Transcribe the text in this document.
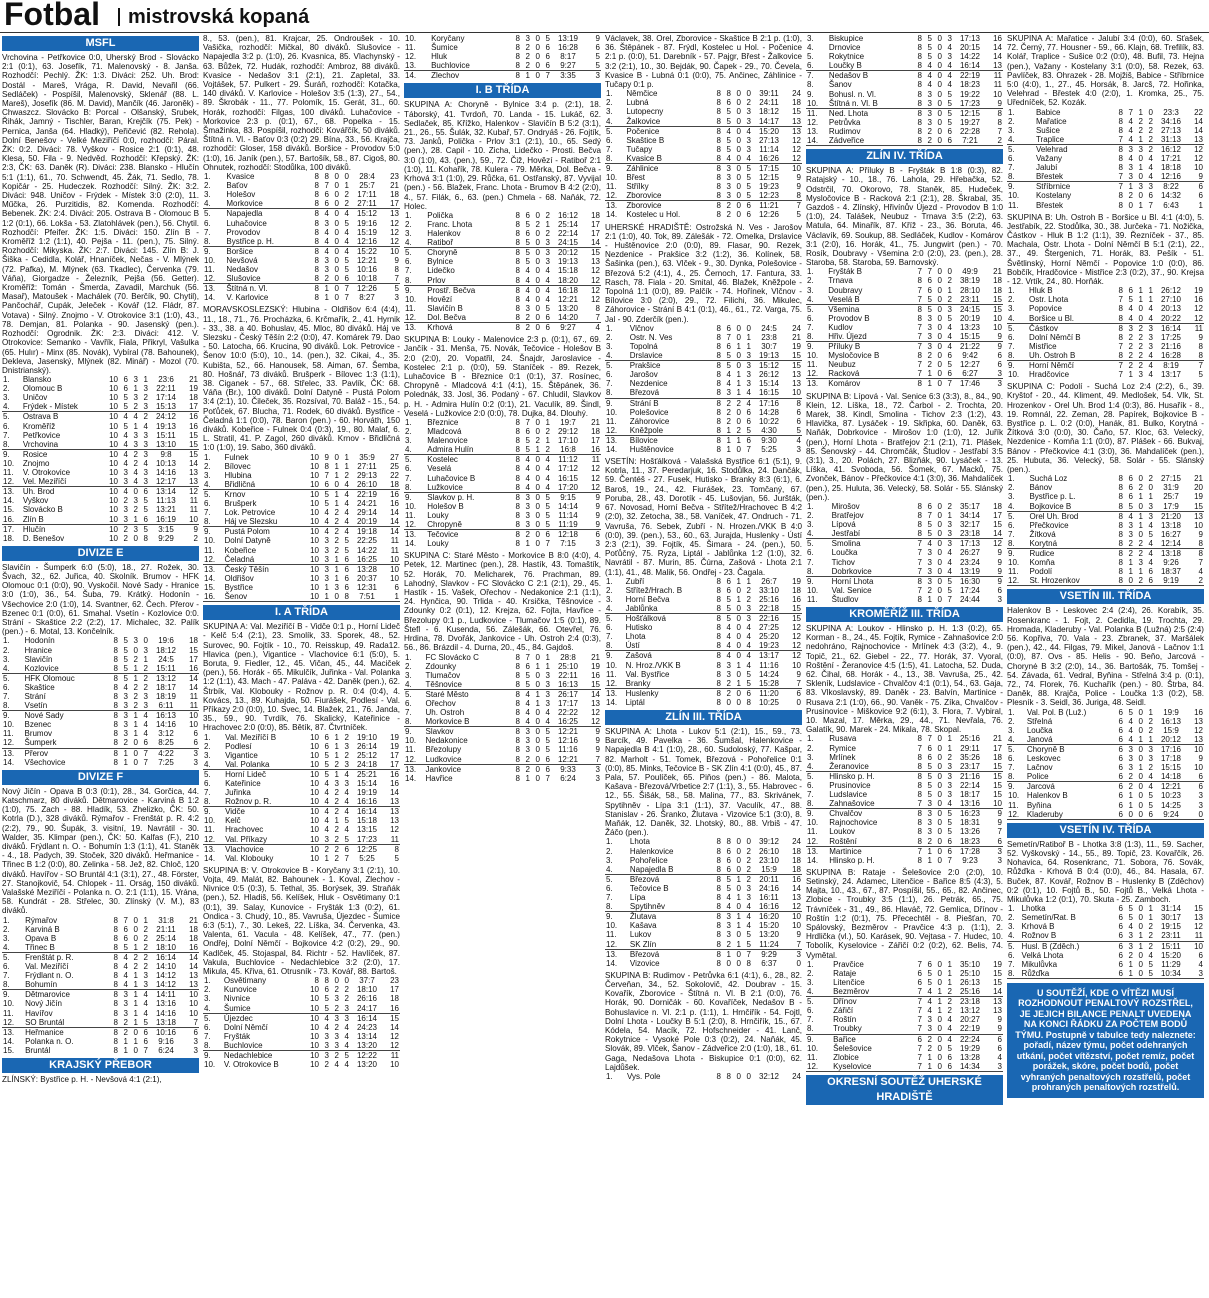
Fotbal mistrovská kopaná
MSFL
Vrchovina - Petřkovice 0:0, Uherský Brod - Slovácko 2:1 (0:1), 63. Josefík, 71. Malenovský - 8. Janša. Rozhodčí: Pechlý. ŽK: 1:3. Diváci: 252. Uh. Brod: Dostál - Mareš, Vrága, R. David, Nevařil (66. Sedláček) - Pospíšil, Malenovský, Sklenář (88. L. Mareš), Josefík (86. M. David), Mančík (46. Jaroněk) - Chwaszcz. Slovácko B: Porcal - Olšanský, Srubek, Řihák, Jamný - Tischler, Baran, Krejčík (75. Pek) - Pernica, Janša (64. Hladký), Peřičević (82. Rehola). Dolní Benešov - Velké Meziříčí 0:0, rozhodčí: Páral. ŽK: 0:2. Diváci: 78. Vyškov - Rosice 2:1 (0:1), 48. Klesa, 50. Fila - 9. Nedvěd. Rozhodčí: Křepský. ŽK: 2:3, ČK: 63. Daněk (R). Diváci: 238. Blansko - Hlučín 5:1 (1:1), 61., 70. Schwendt, 45. Žák, 71. Sedlo, 78. Kopičár - 25. Hudeczek. Rozhodčí: Silný. ŽK: 3:2. Diváci: 948. Uničov - Frýdek - Místek 3:0 (2:0), 11. Műčka, 26. Purzitidis, 82. Komenda. Rozhodčí: Bebenek. ŽK: 2:4. Diváci: 205. Ostrava B - Olomouc B 1:2 (0:1), 66. Lokša - 53. Zlatohlávek (pen.), 56. Chytil. Rozhodčí: Pfeifer. ŽK: 1:5. Diváci: 150. Zlín B - Kroměříž 1:2 (1:1), 40. Pejša - 11. (pen.), 75. Silný. Rozhodčí: Mikyska. ŽK: 2:7. Diváci: 145. Zlín B: J. Šiška - Cedidla, Kolář, Hnaníček, Nečas - V. Mlýnek (72. Pafka), M. Mlýnek (63. Tkadlec), Červenka (79. Váňa), Giorgadze - Železník, Pejša (56. Getter). Kroměříž: Tomán - Šmerda, Zavadil, Marchuk (56. Masař), Matoušek - Machálek (70. Berčík, 90. Chytil), Pančochář, Cupák, Jeleček - Kovář (12. Fládr, 87. Votava) - Silný. Znojmo - V. Otrokovice 3:1 (1:0), 43., 78. Demjan, 81. Polanka - 90. Jasenský (pen.). Rozhodčí: Ogrodnik. ŽK: 2:3. Diváci: 412. V. Otrokovice: Semanko - Vavřík, Fiala, Přikryl, Vašulka (65. Hulır) - Minx (85. Novák), Vybíral (78. Bahounek), Dekleva, Jasenský, Mlýnek (82. Minář) - Mozol (70. Dnistrianský).
1.	Blansko	10	6	3	1	23:6	21
2.	Olomouc B	10	6	1	3	22:11	19
3.	Uničov	10	5	3	2	17:14	18
4.	Frýdek - Místek	10	5	2	3	15:13	17
5.	Ostrava B	10	4	4	2	24:12	16
6.	Kroměříž	10	5	1	4	19:13	16
7.	Petřkovice	10	4	3	3	15:11	15
8.	Vrchovina	10	4	3	3	13:10	15
9.	Rosice	10	4	2	3	9:8	15
10.	Znojmo	10	4	2	4	10:13	14
11.	V. Otrokovice	10	3	4	3	14:16	13
12.	Vel. Meziříčí	10	3	4	3	12:17	13
13.	Uh. Brod	10	4	0	6	13:14	12
14.	Vyškov	10	2	3	5	11:13	11
15.	Slovácko B	10	3	2	5	13:21	11
16.	Zlín B	10	3	1	6	16:19	10
17.	Hlučín	10	2	3	5	3:15	9
18.	D. Benešov	10	2	0	8	9:29	2
DIVIZE E
Slavičín - Šumperk 6:0 (5:0), 18., 27. Rožek, 30. Švach, 32., 62. Juřica, 40. Skolník. Brumov - HFK Olomouc 0:1 (0:0), 90. Vyskočil. Nové Sady - Hranice 3:0 (1:0), 36., 54. Šuba, 79. Krátký. Hodonín - Všechovice 2:0 (1:0), 14. Svantner, 62. Čech. Přerov - Bzenec 0:1 (0:0), 61. Smahal. Vsetín - Kozlovice 0:0. Strání - Skaštice 2:2 (2:2), 17. Michalec, 32. Palík (pen.) - 6. Motal, 13. Končelník.
1.	Hodonín	8	5	3	0	19:6	18
2.	Hranice	8	5	0	3	18:12	15
3.	Slavičín	8	5	2	1	24:5	17
4.	Kozlovice	8	5	1	2	15:11	16
5.	HFK Olomouc	8	5	1	2	13:12	14
6.	Skaštice	8	4	2	2	18:17	14
7.	Strání	8	3	2	3	18:19	11
8.	Vsetín	8	3	2	3	6:11	11
9.	Nové Sady	8	3	1	4	16:13	10
10.	Bzenec	8	3	1	4	14:16	10
11.	Brumov	8	3	1	4	3:12	6
12.	Šumperk	8	2	0	6	8:25	6
13.	Přerov	8	1	0	7	4:22	3
14.	Všechovice	8	1	0	7	7:25	3
DIVIZE F
Nový Jičín - Opava B 0:3 (0:1), 28., 34. Gorčica, 44. Katschmarz, 80 diváků. Dětmarovice - Karviná B 1:2 (1:0), 75. Zach - 88. Hladík, 53. Zhelizko, ČK: 50. Kotrla (D.), 328 diváků. Rýmařov - Frenštát p. R. 4:2 (2:2), 79., 90. Šupák, 3. visitní, 19. Navrátil - 30. Walder, 35. Klimpar (pen.), ČK: 50. Kalfas (F.), 210 diváků. Frýdlant n. O. - Bohumín 1:3 (1:1), 41. Staněk - 4., 18. Padych, 39. Stoček, 320 diváků. Heřmanice - Třinec B 1:2 (0:0), 80. Zelinka - 58. Jež, 82. Chloč, 120 diváků. Havířov - SO Bruntál 4:1 (3:1), 27., 48. Förster, 27. Stanojkovič, 54. Chlopek - 11. Orság, 150 diváků. Valašské Meziříčí - Polanka n. O. 2:1 (1:1), 15. Vrána, 58. Kundrát - 28. Střelec, 30. Zlínský (V. M.), 83 diváků.
1.	Rýmařov	8	7	0	1	31:8	21
2.	Karviná B	8	6	0	2	21:11	18
3.	Opava B	8	6	0	2	25:14	18
4.	Třinec B	8	5	1	2	18:10	16
5.	Frenštát p. R.	8	4	2	2	16:14	14
6.	Val. Meziříčí	8	4	2	2	14:10	14
7.	Frýdlant n. O.	8	4	1	3	14:12	13
8.	Bohumín	8	4	1	3	14:12	13
9.	Dětmarovice	8	3	1	4	14:11	10
10.	Nový Jičín	8	3	1	4	13:16	10
11.	Havířov	8	3	1	4	14:16	10
12.	SO Bruntál	8	2	1	5	13:18	7
13.	Heřmanice	8	2	0	6	10:16	6
14.	Polanka n. O.	8	1	1	6	9:16	3
15.	Bruntál	8	1	0	7	6:24	3
KRAJSKÝ PŘEBOR
ZLÍNSKÝ: Bystřice p. H. - Nevšová 4:1 (2:1),
8., 53. (pen.), 81. Krajcar, 25. Ondroušek - 10. Vašička, rozhodčí: Mičkal, 80 diváků. Slušovice - Napajedla 3:2 p. (1:0), 26. Kvasnica, 85. Vlachynský - 63. Bůžek, 72. Hudák, rozhodčí: Ambroz, 88 diváků. Kvasice - Nedašov 3:1 (2:1), 21. Zapletal, 33. Vojtášek, 57. Pulkert - 29. Šuráň, rozhodčí: Kotačka, 140 diváků. V. Karlovice - Holešov 3:5 (1:3), 27., 54., 89. Škrobák - 11., 77. Polomík, 15. Gerát, 31., 60. Horák, rozhodčí: Filgas, 100 diváků. Luhačovice - Morkovice 2:3 p. (0:1), 67., 68. Popelka - 15. Šmažinka, 83. Pospíšil, rozhodčí: Kovářčík, 50 diváků. Štítná n. Vl. - Baťov 0:3 (0:2) 29. Bína, 33., 56. Krajča, rozhodčí: Gloser, 158 diváků. Boršice - Provodov 5:0 (1:0), 16. Janík (pen.), 57. Bartošík, 58., 87. Cigoš, 80. Ohnutek, rozhodčí: Stodůlka, 100 diváků.
1.	Kvasice	8	8	0	0	28:4	23
2.	Baťov	8	7	0	1	25:7	21
3.	Holešov	8	6	0	2	17:11	18
4.	Morkovice	8	6	0	2	27:11	17
5.	Napajedla	8	4	0	4	15:12	13
6.	Luhačovice	8	3	0	5	19:16	12
7.	Provodov	8	4	0	4	15:19	12
8.	Bystřice p. H.	8	4	0	4	12:16	12
9.	Boršice	8	4	0	4	15:22	10
10.	Nevšová	8	3	0	5	12:21	9
11.	Nedašov	8	3	0	5	10:16	8
12.	Slušovice	8	2	0	6	10:18	7
13.	Štítná n. Vl.	8	1	0	7	12:26	5
14.	V. Karlovice	8	1	0	7	8:27	3
MORAVSKOSLEZSKÝ: Hlubina - Oldřišov 6:4 (4:4), 11., 18., 71., 76. Procházka, 6. Krčmařík, 2., 41. Hyrnik - 33., 38. a 40. Bohuslav, 45. Mloc, 80 diváků. Háj ve Slezsku - Český Těšín 2:2 (0:0), 47. Komárek 79. Dao - 50. Latocha, 66. Krucina, 90 diváků. Lok. Petrovice - Šenov 10:0 (5:0), 10., 14. (pen.), 32. Cikai, 4., 35. Kubišta, 52., 66. Hanousek, 58. Aiman, 67. Šemba, 80. Hošnář, 73 diváků. Brušperk - Bílovec 1:3 (1:1), 38. Ciganek - 57., 68. Střelec, 33. Pavlík, ČK: 68. Váňa (Br.), 100 diváků. Dolní Datyně - Pustá Polom 3:4 (2:1), 10. Čileček, 35. Rozsíval, 70. Baláž - 15., 54. Poťůček, 67. Blucha, 71. Rodek, 60 diváků. Bystřice - Čeladná 1:1 (0:0), 78. Baron (pen.) - 60. Horváth, 150 diváků. Kobeřice - Fulnek 0:4 (0:3), 19., 80. Malaf, 6. L. Stratil, 41. P. Zagol, 260 diváků. Krnov - Břidličná 1:0 (1:0), 19. Sabo, 360 diváků.
1.	Fulnek	10	9	0	1	35:9	27
2.	Bílovec	10	8	1	1	27:11	25
3.	Hlubina	10	7	1	2	29:13	22
4.	Břidličná	10	6	0	4	26:10	18
5.	Krnov	10	5	1	4	22:19	16
6.	Brušperk	10	5	1	4	24:21	16
7.	Lok. Petrovice	10	4	2	4	29:14	14
8.	Háj ve Slezsku	10	4	2	4	20:19	14
9.	Pustá Polom	10	4	2	4	19:18	14
10.	Dolní Datyně	10	3	2	5	22:25	11
11.	Kobeřice	10	3	2	5	14:22	11
12.	Čeladná	10	3	1	6	16:25	10
13.	Český Těšín	10	3	1	6	13:28	10
14.	Oldřišov	10	3	1	6	20:37	10
15.	Bystřice	10	1	3	6	12:31	6
16.	Šenov	10	1	0	8	7:51	1
I. A TŘÍDA
SKUPINA A: Val. Meziříčí B - Vidče 0:1 p., Horní Lideč - Kelč 5:4 (2:1), 23. Smolík, 33. Sporek, 48., 52. Surovec, 90. Fojtík - 10., 70. Reisskup, 49. Rada12. Hlavica (pen.), Vigantice - Vlachovice 6:1 (5:0), 5. Boruta, 9. Fiedler, 12., 45. Vičan, 45., 44. Maciček (pen.), 56. Horák - 65. Mikulčík, Juřinka - Val. Polanka 1:2 (1:1), 43. Mach - 47. Paláva - 42. Daněk (pen.), 62. Štrbík, Val. Klobouky - Rožnov p. R. 0:4 (0:4), 4. Kovács, 13., 89. Kuhajda, 50. Fiurášek, Podlesí - Val. Příkazy 2:0 (0:0), 10. Svec, 14. Blažek, 21., 76. Janda, 35., 59., 90. Tvrdík, 76. Skalický, Kateřinice - Hrachovec 2:0 (0:0), 85. Bětík, 87. Čtvrtníček.
1.	Val. Meziříčí B	10	6	1	2	19:10	19
2.	Podlesí	10	6	1	3	26:14	19
3.	Vigantice	10	5	1	2	25:12	17
4.	Val. Polanka	10	5	2	3	24:18	17
5.	Horní Lideč	10	5	1	4	25:21	16
6.	Kateřinice	10	4	3	3	15:14	16
7.	Juřinka	10	4	2	4	19:19	14
8.	Rožnov p. R.	10	4	2	4	16:16	13
9.	Vidče	10	4	2	4	16:14	13
10.	Kelč	10	4	1	5	15:18	13
11.	Hrachovec	10	4	2	4	13:15	12
12.	Val. Příkazy	10	3	2	5	17:23	11
13.	Vlachovice	10	2	2	6	12:25	8
14.	Val. Klobouky	10	1	2	7	5:25	5
SKUPINA B: V. Otrokovice B - Koryčany 3:1 (2:1), 10. Vojta, 49. Malát, 82. Bahounek - 1. Koval, Zlechov - Nivnice 0:5 (0:3), 5. Tethal, 35. Borýsek, 39. Straňák (pen.), 52. Hladiš, 56. Kelíšek, Hluk - Osvětimany 0:1 (0:1), 39. Salay, Kunovice - Fryšták 1:3 (0:2), 61. Ondica - 3. Chudý, 10., 85. Vavruša, Újezdec - Šumice 6:3 (5:1), 7., 30. Lekeš, 22. Líška, 34. Červenka, 43. Valenta, 61. Vacula - 48. Kelíšek, 47., 77. (pen.) Ondřej, Dolní Němčí - Bojkovice 4:2 (0:2), 29., 90. Kadlček, 45. Stojaspal, 84. Richtr - 52. Havlíček, 87. Vakula, Buchlovice - Nedachlebice 3:2 (2:0), 17. Mikula, 45. Křiva, 61. Otrusník - 73. Kovář, 88. Bartoš.
1.	Osvětimany	8	8	0	0	37:7	23
2.	Kunovice	10	6	2	2	18:10	17
3.	Nivnice	10	5	3	2	26:16	18
4.	Šumice	10	5	2	3	24:17	16
5.	Újezdec	10	4	3	3	16:14	15
6.	Dolní Němčí	10	4	2	4	24:23	14
7.	Fryšták	10	3	3	4	13:14	12
8.	Buchlovice	10	3	3	4	13:20	12
9.	Nedachlebice	10	3	2	5	12:22	11
10.	V. Otrokovice B	10	2	4	4	13:20	10
10.	Koryčany	8	3	0	5	13:19	9
11.	Šumice	8	2	0	6	16:28	6
12.	Hluk	8	2	0	6	8:17	5
13.	Buchlovice	8	2	0	6	9:27	5
14.	Zlechov	8	1	0	7	3:35	3
I. B TŘÍDA
SKUPINA A: Choryně - Bylnice 3:4 p. (2:1), 18. Táborský, 41. Tvrdoň, 70. Landa - 15. Lukáč, 62. Sedlaček, 85. Křížko, Halenkov - Slavičín B 5:2 (3:1), 21., 26., 55. Šulák, 32. Kubař, 57. Ondryáš - 26. Fojtík, 73. Janků, Polička - Prlov 3:1 (2:1), 10., 65. Sedý (pen.), 28. Capil - 10. Zicha, Lidečko - Prosti. Bečva 3:0 (1:0), 43. (pen.), 59., 72. Čiž, Hovězí - Ratiboř 2:1 (1:0), 11. Kohařík, 78. Kulera - 79. Měrka, Dol. Bečva - Krhová 3:1 (1:0), 29. Růčka, 61. Ostřanský, 87. Vyvijal (pen.) - 56. Blažek, Franc. Lhota - Brumov B 4:2 (2:0), 4., 57. Filák, 6., 63. (pen.) Chmela - 68. Naňák, 72. Holec.
1.	Polička	8	6	0	2	16:12	18
2.	Franc. Lhota	8	5	2	1	25:14	17
3.	Halenkov	8	6	0	2	22:14	17
4.	Ratiboř	8	5	0	3	24:15	14
5.	Choryně	8	5	0	3	20:12	15
6.	Bylnice	8	5	0	3	19:13	13
7.	Lidečko	8	4	0	4	15:18	12
8.	Prlov	8	4	0	4	18:20	12
9.	Prostř. Bečva	8	4	0	4	16:18	12
10.	Hovězí	8	4	0	4	12:21	12
11.	Slavičín B	8	3	0	5	13:20	8
12.	Dol. Bečva	8	2	0	6	14:20	7
13.	Krhová	8	2	0	6	9:27	4
SKUPINA B: Louky - Malenovice 2:3 p. (0:1), 67., 69. Jančík - 31. Menša, 75. Novák, Tečovice - Holešov B 2:0 (2:0), 20. Vopatřil, 24. Šnajdr, Jaroslavice - Kostelec 2:1 p. (0:0), 59. Staníček - 89. Rezek, Luhačovice B - Březnice 0:1 (0:1), 37. Rosínec, Chropyně - Mladcová 4:1 (4:1), 15. Štěpánek, 36. Polednák, 33. Josl, 36. Podaný - 67. Chludil, Slavkov p. H. - Admira Hulín 0:2 (0:1), 21. Vaculík, 89. Šindl, Veselá - Lužkovice 2:0 (0:0), 78. Dujka, 84. Dlouhý.
1.	Březnice	8	7	0	1	19:7	21
2.	Mladcová	8	6	0	2	29:12	18
3.	Malenovice	8	5	2	1	17:10	17
4.	Admira Hulín	8	5	1	2	16:8	16
5.	Kostelec	8	4	0	4	11:12	11
6.	Veselá	8	4	0	4	17:12	12
7.	Luhačovice B	8	4	0	4	16:15	12
8.	Lužkovice	8	4	0	4	17:20	12
9.	Slavkov p. H.	8	3	0	5	9:15	9
10.	Holešov B	8	3	0	5	14:14	9
11.	Louky	8	3	0	5	11:14	9
12.	Chropyně	8	3	0	5	11:19	9
13.	Tečovice	8	2	0	6	12:18	6
14.	Louky	8	1	0	7	7:15	3
SKUPINA C: Staré Město - Morkovice B 8:0 (4:0), 4. Petek, 12. Martinec (pen.), 28. Hastík, 43. Tomaštík, 52. Horák, 70. Melicharek, 76. Prachman, 89. Lahodný, Slavkov - FC Slovácko C 2:1 (2:1), 29., 45. Hastík - 15. Vašek, Ořechov - Nedakonice 2:1 (1:1), 24. Hynčica, 90. Trlida - 40. Krsička, Těšnovice - Zdounky 0:2 (0:1), 12. Krejza, 62. Fojta, Havřice - Březolupy 0:1 p., Ludkovice - Tlumačov 1:5 (0:1), 89. Štefl - 6. Kusenda, 56. Zálešák, 66. Otevřel, 76. Hrdina, 78. Dvořák, Jankovice - Uh. Ostroh 2:4 (0:3), 56., 86. Brázdil - 4. Durna, 20., 45., 84. Gajdoš.
1.	FC Slovácko C	8	7	0	1	28:8	21
2.	Zdounky	8	6	1	1	25:10	19
3.	Tlumačov	8	5	0	3	22:11	16
4.	Těšnovice	8	5	0	3	16:13	15
5.	Staré Město	8	4	1	3	26:17	14
6.	Ořechov	8	4	1	3	17:17	13
7.	Uh. Ostroh	8	4	0	4	22:22	12
8.	Morkovice B	8	4	0	4	16:25	12
9.	Slavkov	8	3	0	5	12:21	9
10.	Nedakonice	8	3	0	5	12:16	9
11.	Březolupy	8	3	0	5	11:16	9
12.	Ludkovice	8	2	0	6	12:21	7
13.	Jankovice	8	2	0	6	9:33	3
14.	Havřice	8	1	0	7	6:24	3
Václavek, 38. Orel, Zborovice - Skaštice B 2:1 p. (1:0), 36. Štěpánek - 87. Frýdl, Kostelec u Hol. - Počenice 2:1 p. (0:0), 51. Darebník - 57. Pajgr, Břest - Žalkovice 3:2 (2:1), 10., 30. Bejdák, 90. Čapek - 29., 70. Čevela, Kvasice B - Lubná 0:1 (0:0), 75. Ančinec, Záhlinice - Tučapy 0:1 p.
1.	Němčice	8	8	0	0	39:11	24
2.	Lubná	8	6	0	2	24:11	18
3.	Lutopecny	8	5	0	3	18:12	15
4.	Žalkovice	8	5	0	3	14:17	13
5.	Počenice	8	4	0	4	15:20	13
6.	Skaštice B	8	5	0	3	27:13	12
7.	Tučapy	8	5	0	3	11:14	12
8.	Kvasice B	8	4	0	4	16:26	12
9.	Záhlinice	8	3	0	5	17:15	10
10.	Břest	8	3	0	5	12:15	9
11.	Střílky	8	3	0	5	19:23	9
12.	Zborovice	8	3	0	5	12:23	8
13.	Zborovice	8	2	0	6	11:21	7
14.	Kostelec u Hol.	8	2	0	6	12:26	5
UHERSKÉ HRADIŠTĚ: Ostrožská N. Ves - Jarošov 2:1 (1:0), 40. Tok, 89. Zálešák - 72. Omelka, Drslavice - Huštěnovice 2:0 (0:0), 89. Flasar, 90. Rezek, Nezdenice - Prakšice 3:2 (1:2), 36. Kolínek, 58. Šašinka (pen.), 63. Vlček - 9., 30. Dynka, Polešovice - Březová 5:2 (4:1), 4., 25. Černoch, 17. Fantura, 33. Rasch, 78. Fiala - 20. Smital, 46. Blažek, Kněžpole - Topolná 1:1 (0:0), 89. Palčík - 74. Hořínek, Vlčnov - Bílovice 3:0 (2:0), 29., 72. Filichi, 36. Mikulec, Záhorovice - Strání B 4:1 (0:1), 46., 61., 72. Varga, 75. Jal - 90. Zderčík (pen.).
1.	Vlčnov	8	6	0	0	24:5	24
2.	Ostr. N. Ves	8	7	0	1	23:8	21
3.	Topolná	8	6	1	1	30:7	19
4.	Drslavice	8	5	0	3	19:13	15
5.	Prakšice	8	5	0	3	15:12	15
6.	Jarošov	8	4	1	3	26:12	13
7.	Nezdenice	8	4	1	3	15:14	13
8.	Březová	8	3	1	4	16:15	10
9.	Strání B	8	2	2	4	17:16	8
10.	Polešovice	8	2	0	6	14:28	6
11.	Záhorovice	8	2	0	6	10:22	6
12.	Kněžpole	8	1	2	5	4:30	5
13.	Bílovice	8	1	1	6	9:30	4
14.	Huštěnovice	8	1	0	7	5:25	3
VSETÍN: Hošťálková - Valašská Bystřice 6:1 (5:1), 9. Kotrla, 11., 37. Peredarjuk, 16. Stodůlka, 24. Dančák, 59. Čentéš - 27. Fusek, Hutisko - Branky 8:3 (6:1), 6. Baroš, 19., 24., 42. Fiurášek, 23. Tomčaný, 67. Poruba, 28., 43. Dorotík - 45. Lušovjan, 56. Juršták, 67. Novosad, Horní Bečva - Střítež/Hrachovec B 4:2 (2:0), 32. Zetocha, 38., 58. Vaníček, 47. Ondruch - 71. Vavruša, 76. Sebek, Zubří - N. Hrozen./VKK B 4:0 (0:0), 39. (pen.), 53., 60., 63. Jurajda, Huslenky - Ústí 2:3 (2:1), 39. Fojtík, 45. Šimara - 24. (pen.), 50. Poťůčný, 75. Ryza, Liptál - Jablůnka 1:2 (1:0), 32. Navrátil - 87. Murin, 85. Čúrna, Zašová - Lhota 2:1 (1:1), 41., 48. Malik, 56. Ondřej - 23. Čagala.
1.	Zubří	8	6	1	1	26:7	19
2.	Střítež/Hrach. B	8	6	0	2	33:10	18
3.	Horní Bečva	8	5	1	2	25:16	16
4.	Jablůnka	8	5	0	3	22:18	15
5.	Hošťálková	8	5	0	3	22:16	15
6.	Hutisko	8	4	0	4	27:25	12
7.	Lhota	8	4	0	4	25:20	12
8.	Ústí	8	4	0	4	19:23	12
9.	Zašová	8	4	0	4	13:17	12
10.	N. Hroz./VKK B	8	3	1	4	11:16	10
11.	Val. Bystřice	8	3	0	5	14:24	9
12.	Branky	8	2	1	5	15:28	7
13.	Huslenky	8	2	0	6	11:20	6
14.	Liptál	8	0	0	8	10:25	0
ZLÍN III. TŘÍDA
SKUPINA A: Lhota - Lukov 5:1 (2:1), 15., 59., 73. Barcík, 49. Pavelka - 36. Šumšal, Halenkovice - Napajedla B 4:1 (1:0), 28., 60. Sudoloský, 77. Kašpar, 82. Marholt - 51. Tomek, Březová - Pohořelice 0:1 (0:0), 85. Minks, Tečovice B - SK Zlín 4:1 (0:0), 45., 87. Pala, 57. Poulíček, 65. Piňos (pen.) - 86. Malota, Kašava - Březová/Vrbetice 2:7 (1:1), 3., 55. Habrovec - 12., 55. Šišák, 58., 58. Malina, 77., 83. Skrivánek, Spytihněv - Lípa 3:1 (1:1), 37. Vaculík, 47., 88. Stanislav - 26. Šranko, Žlutava - Vizovice 5:1 (3:0), 8. Maňák, 12. Daněk, 32. Lhotský, 80., 88. Vrbiš - 47. Žáčo (pen.).
1.	Lhota	8	8	0	0	39:12	24
2.	Halenkovice	8	6	0	2	26:10	18
3.	Pohořelice	8	6	0	2	23:10	18
4.	Napajedla B	8	6	0	2	15:9	18
5.	Březová	8	5	1	2	20:11	16
6.	Tečovice B	8	5	0	3	24:16	14
7.	Lípa	8	4	1	3	16:11	13
8.	Spytihněv	8	4	0	4	16:16	12
9.	Žlutava	8	3	1	4	16:20	10
10.	Kašava	8	3	1	4	15:20	10
11.	Lukov	8	3	0	5	13:20	9
12.	SK Zlín	8	2	1	5	11:24	7
13.	Březová	8	1	0	7	9:29	3
14.	Vizovice	8	0	0	8	6:37	0
SKUPINA B: Rudimov - Petrůvka 6:1 (4:1), 6., 28., 82. Červeňan, 34., 52. Sokolovič, 42. Doubrav - 15. Kovařík, Zborovice - Štítná n. Vl. B 2:1 (0:0), 76. Horák, 90. Dorničák - 60. Kovaříček, Nedašov B - Bohuslavice n. Vl. 2:1 p. (1:1), 1. Hrnčiřík - 54. Fojtl, Dolní Lhota - Loučky B 5:1 (2:0), 8. Hrnčiřík, 15., 67. Kódela, 54. Macík, 72. Hofschneider - 41. Lanč, Rokytnice - Vysoké Pole 0:3 (0:2), 24. Naňák, 45. Slovák, 89. Vlček, Šanov - Zádveřice 2:0 (1:0), 18., 61. Gaga, Nedašova Lhota - Biskupice 0:1 (0:0), 62. Lajdůšek.
1.	Vys. Pole	8	8	0	0	32:12	24
3.	Biskupice	8	5	0	3	17:13	16
4.	Drnovice	8	5	0	4	20:15	14
5.	Rokytnice	8	5	0	3	14:22	14
6.	Loučky B	8	4	0	4	16:14	13
7.	Nedašov B	8	4	0	4	22:19	11
8.	Šanov	8	4	0	4	18:23	11
9.	Bohusl. n. Vl.	8	3	0	5	19:22	10
10.	Štítná n. Vl. B	8	3	0	5	17:23	9
11.	Ned. Lhota	8	3	0	5	12:15	8
12.	Petrůvka	8	3	0	5	19:27	8
13.	Rudimov	8	2	0	6	22:28	7
14.	Zádveřice	8	2	0	6	7:21	2
ZLÍN IV. TŘÍDA
SKUPINA A: Příluky B - Fryšták B 1:8 (0:3), 82. Ratajský - 10., 18., 76. Lahola, 29. Hřebačka, 52. Odstrčil, 70. Okorovo, 78. Staněk, 85. Hudeček, Mysločovice B - Racková 2:1 (2:1), 28. Škrabal, 35. Gazdoš - 4. Zlínský, Hřivínův Újezd - Provodov B 1:0 (1:0), 24. Talášek, Neubuz - Trnava 3:5 (2:2), 63. Matula, 64. Minařík, 87. Kříž - 23., 36. Boruta, 46. Václavík, 69. Soukup, 88. Sedláček, Kudlov - Komárov 3:1 (2:0), 16. Horák, 41., 75. Jungwirt (pen.) - 70. Rosík, Doubravy - Všemina 2:0 (2:0), 23. (pen.), 28. Staroba, 58. Staroba, 59. Barnovský.
1.	Fryšták B	7	7	0	0	49:9	21
2.	Trnava	8	6	0	2	38:19	18
3.	Doubravy	7	6	0	1	28:10	18
4.	Veselá B	7	5	0	2	23:11	15
5.	Všemina	8	5	0	3	24:15	15
6.	Provodov B	8	3	0	5	20:19	10
7.	Kudlov	7	3	0	4	13:23	10
8.	Hřiv. Újezd	7	3	0	4	15:15	9
9.	Příluky B	7	3	0	4	21:22	9
10.	Mysločovice B	8	2	0	6	9:42	6
11.	Neubuz	7	2	0	5	12:27	6
12.	Racková	7	1	0	6	6:27	3
13.	Komárov	8	1	0	7	17:46	3
SKUPINA B: Lípová - Val. Senice 6:3 (3:3), 8., 84., 90. Klein, 12. Líška, 18., 72. Čarbol - 2. Trochta, 20. Marek, 38. Kindl, Smolina - Tichov 2:3 (1:2), 43. Hlavička, 87. Lysáček - 19. Skřipka, 60. Daněk, 63. Naňák, Dobrkovice - Mirošov 1:0 (1:0), 12. Juřík (pen.), Horní Lhota - Bratřejov 2:1 (2:1), 71. Plášek, 85. Šenovský - 44. Chromčák, Študlov - Jestřabí 3:5 (3:1), 3., 20. Polách, 27. Blizňák, 90. Lysáček - 13. Líška, 41. Svoboda, 56. Šomek, 67. Macků, 75. Zvonček, Bánov - Přečkovice 4:1 (3:0), 36. Mahdalíček (pen.), 25. Huluta, 36. Velecký, 58. Solár - 55. Slánský (pen.).
1.	Mirošov	8	6	0	2	35:17	18
2.	Bratřejov	8	7	0	1	34:14	17
3.	Lípová	8	5	0	3	32:17	15
4.	Jestřabí	8	5	0	3	23:18	14
5.	Smolina	7	4	0	3	17:13	12
6.	Loučka	7	3	0	4	26:27	9
7.	Tichov	7	3	0	4	23:24	9
8.	Dobrkovice	7	3	0	4	13:19	9
9.	Horní Lhota	8	3	0	5	16:30	9
10.	Val. Senice	7	2	0	5	17:24	6
11.	Študlov	8	1	0	7	24:44	3
KROMĚŘÍŽ III. TŘÍDA
SKUPINA A: Loukov - Hlinsko p. H. 1:3 (0:2), 65. Korman - 8., 24., 45. Fojtík, Rymice - Zahnašovice 2:0 nedohráno, Rajnochovice - Mrlínek 4:3 (3:2), 4., 9. Topič, 21., 62. Giebel - 22., 77. Horák, 37. Vyoral, Roštění - Žeranovice 4:5 (1:5), 41. Latocha, 52. Duda, 62. Čihal, 68. Horák - 4., 13., 38. Vavruša, 25., 42. Skleník, Ludslavice - Chvalčov 4:1 (0:1), 54., 63. Gaja, 83. Vlkoslavský, 89. Daněk - 23. Balvín, Martinice - Rusava 2:1 (1:0), 66., 90. Vaněk - 75. Zíka, Chvalčov - Prusinovice - Miškovice 9:2 (6:1), 3. Flora, 7. Vybiral, 10. Mazal, 17. Měrka, 29., 44., 71. Nevřala, 76. Galatík, 90. Marek - 24. Mikala, 78. Skopal.
1.	Rusava	8	7	0	1	25:16	21
2.	Rymice	7	6	0	1	29:11	17
3.	Mrlínek	8	6	0	2	35:26	18
4.	Žeranovice	8	5	0	3	23:17	15
5.	Hlinsko p. H.	8	5	0	3	21:16	15
6.	Prusinovice	8	5	0	3	22:14	15
7.	Ludslavice	8	5	0	3	18:17	15
8.	Zahnašovice	7	3	0	4	13:16	10
9.	Chvalčov	8	3	0	5	16:23	9
10.	Rajnochovice	8	3	0	5	18:31	9
11.	Loukov	8	3	0	5	13:26	7
12.	Roštění	8	2	0	6	18:23	6
13.	Martinice	7	1	0	6	17:28	3
14.	Hlinsko p. H.	8	1	0	7	9:23	3
SKUPINA B: Rataje - Šelešovice 2:0 (2:0), 10. Setinský, 24. Adamec, Litenčice - Bařice 8:5 (4:3), 5. Majta, 10., 43., 67., 87. Pospíšil, 55., 65., 82. Ančinec, Zlobice - Troubky 3:5 (1:1), 26. Petrák, 65., 75. Trávníček - 31., 49., 86. Hlaváč, 72. Gemlica, Dřínov - Roštín 1:2 (0:1), 75. Přecechtěl - 8. Piešťan, 70. Spálovský, Bezměrov - Pravčice 4:3 p. (1:1), 2. Hrdlička (vl.), 50. Karásek, 90. Vejtasa - 7. Hudec, 10. Tobolík, Kyselovice - Zářičí 0:2 (0:2), 62. Belis, 74. Vymětal.
1.	Pravčice	7	6	0	1	35:10	19
2.	Rataje	6	5	0	1	25:10	15
3.	Litenčice	6	5	0	1	26:13	15
4.	Bezměrov	7	4	1	2	25:16	14
5.	Dřínov	7	4	1	2	23:18	13
6.	Zářičí	7	4	1	2	13:12	13
7.	Roštín	7	3	0	4	20:27	9
8.	Troubky	7	3	0	4	22:19	9
9.	Bařice	6	2	0	4	22:24	6
10.	Šelešovice	7	2	0	5	19:29	6
11.	Zlobice	7	1	0	6	13:28	4
12.	Kyselovice	7	1	0	6	14:34	3
OKRESNÍ SOUTĚŽ UHERSKÉ HRADIŠTĚ
SKUPINA A: Mařatice - Jalubí 3:4 (0:0), 60. Sťašek, 72. Černý, 77. Housner - 59., 66. Klajn, 68. Trefilík, 83. Kolář, Traplice - Sušice 0:2 (0:0), 48. Bufil, 73. Hejna (pen.), Važany - Kostelany 3:1 (0:0), 58. Rezek, 63. Pavlíček, 83. Ohrazek - 28. Mojžiš, Babice - Stříbrnice 5:0 (4:0), 1., 27., 45. Horsák, 8. Jarcš, 72. Hořinka, Velehrad - Břestek 4:0 (2:0), 1. Kromka, 25., 75. Uředníček, 52. Kozák.
1.	Babice	8	7	1	0	23:3	22
2.	Mařatice	8	4	2	2	34:16	14
3.	Sušice	8	4	2	2	27:13	14
4.	Traplice	7	4	1	2	31:13	13
5.	Velehrad	8	3	3	2	16:12	12
6.	Važany	8	4	0	4	17:21	12
7.	Jalubí	8	3	1	4	18:18	10
8.	Břestek	7	3	0	4	12:16	9
9.	Stříbrnice	7	1	3	3	8:22	6
10.	Kostelany	8	2	0	6	14:32	6
11.	Břestek	8	0	1	7	6:43	1
SKUPINA B: Uh. Ostroh B - Boršice u Bl. 4:1 (4:0), 5. Jestřabík, 22. Stodůlka, 30., 38. Jurčeka - 71. Nožička, Částkov - Hluk B 1:2 (1:1), 39. Řezníček - 37., 85. Machala, Ostr. Lhota - Dolní Němčí B 5:1 (2:1), 22., 37., 49. Štergenich, 71. Horák, 83. Pešík - 51. Švětlinský, Horní Němčí - Popovice 1:0 (0:0), 86. Bobčík, Hradčovice - Mistřice 2:3 (0:2), 37., 90. Krejsa - 12. Vrtík, 24., 80. Horňák.
1.	Hluk B	8	6	1	1	26:12	19
2.	Ostr. Lhota	7	5	1	1	27:10	16
3.	Popovice	8	4	0	4	20:13	12
4.	Boršice u Bl.	8	4	0	4	20:22	12
5.	Částkov	8	3	2	3	16:14	11
6.	Dolní Němčí B	8	2	2	3	17:25	9
7.	Mistřice	7	2	2	3	21:16	8
8.	Uh. Ostroh B	8	2	2	4	16:28	8
9.	Horní Němčí	7	2	2	4	8:19	7
10.	Hradčovice	7	1	3	4	13:17	5
SKUPINA C: Podolí - Suchá Loz 2:4 (2:2), 6., 39. Kryštof - 20., 44. Kliment, 49. Medlošek, 54. Vlk, St. Hrozenkov - Orel Uh. Brod 1:4 (0:3), 86. Husařík - 8., 19. Romnál, 22. Zeman, 28. Papírek, Bojkovice B - Bystřice p. L. 0:2 (0:0), Hanák, 81. Bulko, Korytná - Žítková 3:0 (0:0), 30. Čaňo, 57. Kloc, 63. Velecký, Nezdenice - Komňa 1:1 (0:0), 87. Plášek - 66. Bukvaj, Bánov - Přečkovice 4:1 (3:0), 36. Mahdalíček (pen.), 25. Hubuta, 36. Velecký, 58. Solár - 55. Slánský (pen.).
1.	Suchá Loz	8	6	0	2	27:15	21
2.	Bánov	8	6	2	0	31:9	20
3.	Bystřice p. L.	8	6	1	1	25:7	19
4.	Bojkovice B	8	5	0	3	17:9	15
5.	Orel Uh. Brod	8	4	1	3	21:20	13
6.	Přečkovice	8	3	1	4	13:18	10
7.	Žítková	8	3	0	5	16:27	9
8.	Korytná	8	2	2	4	12:14	8
9.	Rudice	8	2	2	4	13:18	8
10.	Komňa	8	1	3	4	9:26	7
11.	Podolí	8	1	1	6	18:37	4
12.	St. Hrozenkov	8	0	2	6	9:19	2
VSETÍN III. TŘÍDA
Halenkov B - Leskovec 2:4 (2:4), 26. Korabík, 35. Rosenkranc - 1. Fojt, 2. Cedidla, 19. Trochta, 29. Hromada, Kladeruby - Val. Polanka B (Lužná) 2:5 (2:4) 56. Kopřiva, 70. Vala - 23. Zbranek, 37. Maršálek (pen.), 42., 44. Filgas, 79. Mikel, Janová - Lačnov 1:1 (0:0), 87. Ovs - 85. Helis - 90. Beňo, Jarcová - Chorynė B 3:2 (2:0), 14., 36. Bartošák, 75. Tomšej - 54. Závada, 61. Vedral, Byňina - Střelná 3:4 p. (0:1), 72., 74. Florek, 76. Kuchařík (pen.) - 80. Štrba, 84. Daněk, 88. Krajča, Police - Loučka 1:3 (0:2), 58. Plesník - 3. Seidl, 36. Jurigа, 48. Seidl.
1.	Val. Pol. B (Luž.)	6	5	0	1	19:9	16
2.	Střelná	6	4	0	2	16:13	13
3.	Loučka	6	4	0	2	15:9	12
4.	Janová	6	4	1	1	20:12	13
5.	Choryně B	6	3	0	3	17:16	10
6.	Leskovec	6	3	0	3	17:18	9
7.	Lačnov	6	3	1	2	15:15	10
8.	Police	6	2	0	4	14:18	6
9.	Jarcová	6	2	0	4	12:21	6
10.	Halenkov B	6	1	0	5	10:23	3
11.	Byňina	6	1	0	5	14:25	3
12.	Kladeruby	6	0	0	6	9:24	0
VSETÍN IV. TŘÍDA
Semetín/Ratiboř B - Lhotka 3:8 (1:3), 11., 59. Sacher, 52. Vyškovský - 14., 55., 89. Topič, 23. Kovařčík, 26. Nohavica, 64. Rosenkranc, 71. Sobora, 76. Sovák, Růžďka - Krhová B 0:4 (0:0), 46., 84. Hasala, 67. Buček, 87. Kovář, Rožnov B - Huslenky B (Zděchov) 0:2 (0:1), 10. Fojtů B., 50. Fojtů B., Velká Lhota - Mikulůvka 1:2 (0:1), 70. Skuta - 25. Zamboch.
1.	Lhotka	6	5	0	1	31:14	15
2.	Semetín/Rat. B	6	5	0	1	30:17	13
3.	Krhová B	6	4	0	2	19:15	12
4.	Rožnov B	6	3	1	2	23:11	11
5.	Husl. B (Zděch.)	6	3	1	2	15:11	10
6.	Velká Lhota	6	2	0	4	15:20	6
7.	Mikulůvka	6	1	0	5	11:29	4
8.	Růžďka	6	1	0	5	10:34	3
U SOUTĚŽÍ, KDE O VÍTĚZI MUSÍ ROZHODNOUT PENALTOVÝ ROZSTŘEL, JE JEJICH BILANCE PENALT UVEDENA NA KONCI ŘÁDKU ZA POČTEM BODŮ TÝMU. Postupně v tabulce tedy naleznete: pořadí, název týmu, počet odehraných utkání, počet vítězství, počet remíz, počet porážek, skóre, počet bodů, počet vyhraných penaltových rozstřelů, počet prohraných penaltových rozstřelů.
